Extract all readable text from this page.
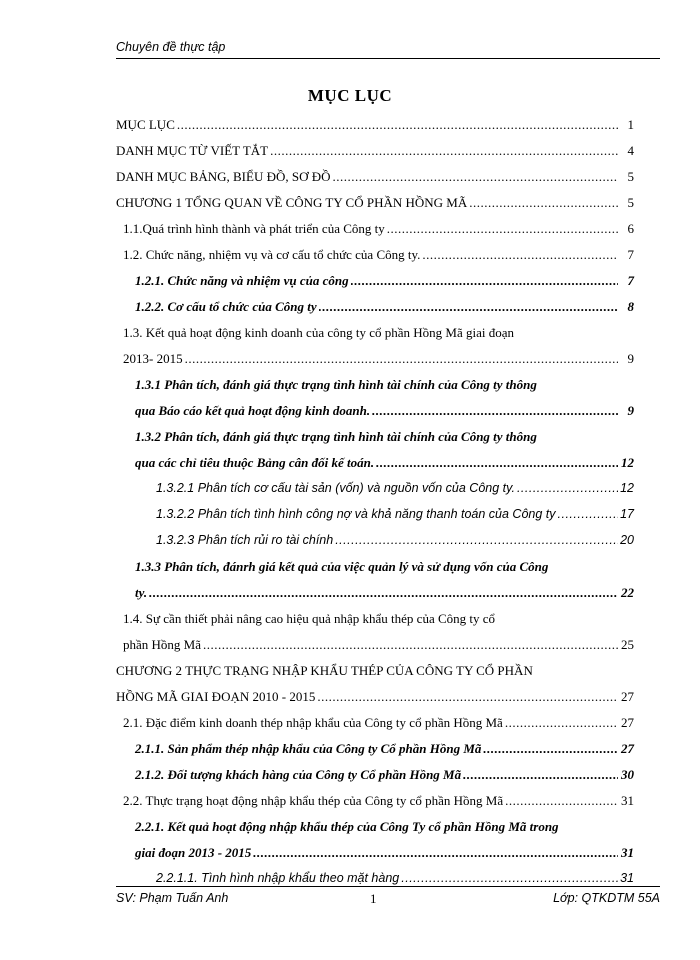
Chuyên đề thực tập
MỤC LỤC
MỤC LỤC .....	1
DANH MỤC TỪ VIẾT TẮT .....	4
DANH MỤC BẢNG, BIỂU ĐỒ, SƠ ĐỒ .....	5
CHƯƠNG 1 TỔNG QUAN VỀ CÔNG TY CỔ PHẦN HỒNG MÃ .....	5
1.1.Quá trình hình thành và phát triển của Công ty .....	6
1.2. Chức năng, nhiệm vụ và cơ cấu tổ chức của Công ty. .....	7
1.2.1. Chức năng và nhiệm vụ của công .....	7
1.2.2. Cơ cấu tổ chức của Công ty .....	8
1.3. Kết quả hoạt động kinh doanh của công ty cổ phần Hồng Mã giai đoạn
2013- 2015 .....	9
1.3.1 Phân tích, đánh giá thực trạng tình hình tài chính của Công ty thông
qua Báo cáo kết quả hoạt động kinh doanh. .....	9
1.3.2 Phân tích, đánh giá thực trạng tình hình tài chính của Công ty thông
qua các chỉ tiêu thuộc Bảng cân đối kế toán. .....	12
1.3.2.1 Phân tích cơ cấu tài sản (vốn) và nguồn vốn của Công ty. .....	12
1.3.2.2 Phân tích tình hình công nợ và khả năng thanh toán của Công ty .....	17
1.3.2.3 Phân tích rủi ro tài chính .....	20
1.3.3 Phân tích, đánrh giá kết quả của việc quản lý và sử dụng vốn của Công
ty. .....	22
1.4. Sự cần thiết phải nâng cao hiệu quả nhập khẩu thép của Công ty cổ
phần Hồng Mã .....	25
CHƯƠNG 2 THỰC TRẠNG NHẬP KHẨU THÉP CỦA CÔNG TY CỔ PHẦN
HỒNG MÃ GIAI ĐOẠN 2010 - 2015 .....	27
2.1. Đặc điểm kinh doanh thép nhập khẩu của Công ty cổ phần Hồng Mã .....	27
2.1.1. Sản phẩm thép nhập khẩu của Công ty Cổ phần Hồng Mã .....	27
2.1.2. Đối tượng khách hàng của Công ty Cổ phần Hồng Mã .....	30
2.2. Thực trạng hoạt động nhập khẩu thép của Công ty cổ phần Hồng Mã .....	31
2.2.1. Kết quả hoạt động nhập khẩu thép của Công Ty cổ phần Hồng Mã trong
giai đoạn 2013 - 2015 .....	31
2.2.1.1. Tình hình nhập khẩu theo mặt hàng .....	31
SV: Phạm Tuấn Anh	1	Lớp: QTKDTM 55A
